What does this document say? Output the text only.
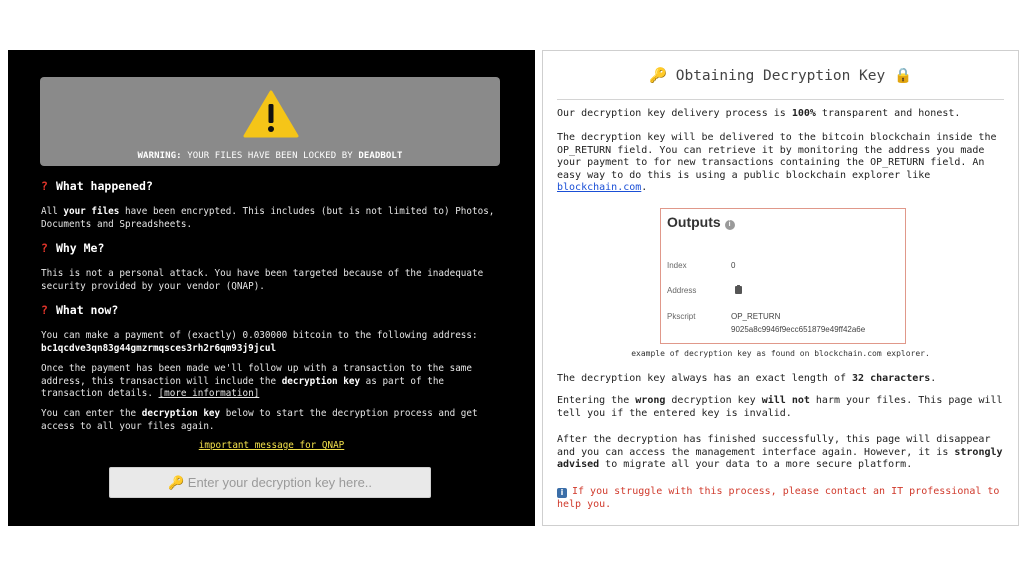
WARNING: YOUR FILES HAVE BEEN LOCKED BY DEADBOLT
? What happened?
All your files have been encrypted. This includes (but is not limited to) Photos, Documents and Spreadsheets.
? Why Me?
This is not a personal attack. You have been targeted because of the inadequate security provided by your vendor (QNAP).
? What now?
You can make a payment of (exactly) 0.030000 bitcoin to the following address:
bc1qcdve3qn83g44gmzrmqsces3rh2r6qm93j9jcul
Once the payment has been made we'll follow up with a transaction to the same address, this transaction will include the decryption key as part of the transaction details. [more information]
You can enter the decryption key below to start the decryption process and get access to all your files again.
important message for QNAP
🔑 Enter your decryption key here..
🔑 Obtaining Decryption Key 🔒
Our decryption key delivery process is 100% transparent and honest.
The decryption key will be delivered to the bitcoin blockchain inside the OP_RETURN field. You can retrieve it by monitoring the address you made your payment to for new transactions containing the OP_RETURN field. An easy way to do this is using a public blockchain explorer like blockchain.com.
Outputs i
Index	0
Address
Pkscript	OP_RETURN
9025a8c9946f9ecc651879e49ff42a6e
example of decryption key as found on blockchain.com explorer.
The decryption key always has an exact length of 32 characters.
Entering the wrong decryption key will not harm your files. This page will tell you if the entered key is invalid.
After the decryption has finished successfully, this page will disappear and you can access the management interface again. However, it is strongly advised to migrate all your data to a more secure platform.
i If you struggle with this process, please contact an IT professional to help you.
